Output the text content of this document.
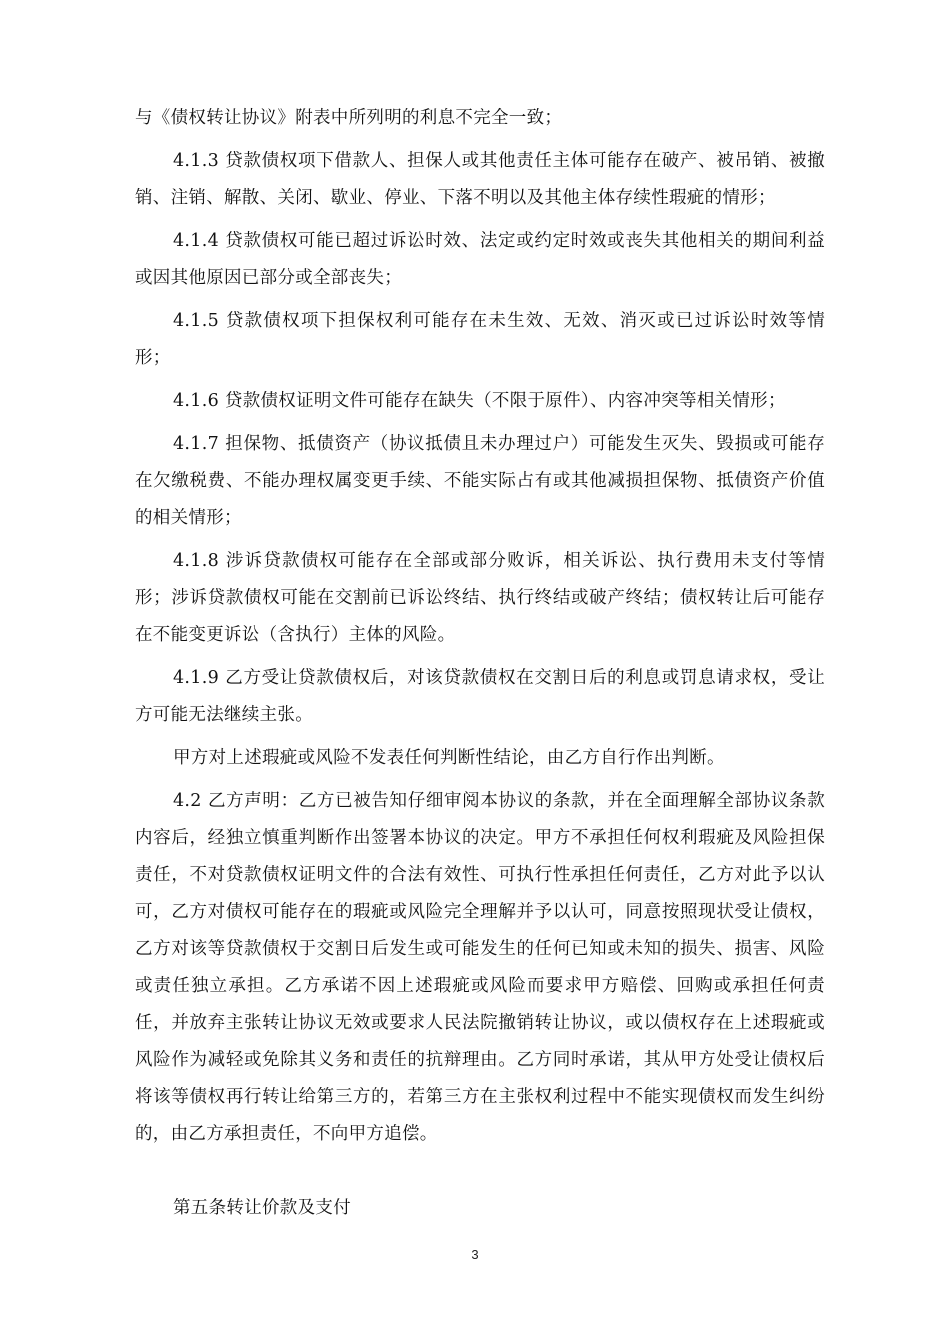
与《债权转让协议》附表中所列明的利息不完全一致；

4.1.3 贷款债权项下借款人、担保人或其他责任主体可能存在破产、被吊销、被撤销、注销、解散、关闭、歇业、停业、下落不明以及其他主体存续性瑕疵的情形；

4.1.4 贷款债权可能已超过诉讼时效、法定或约定时效或丧失其他相关的期间利益或因其他原因已部分或全部丧失；

4.1.5 贷款债权项下担保权利可能存在未生效、无效、消灭或已过诉讼时效等情形；

4.1.6 贷款债权证明文件可能存在缺失（不限于原件）、内容冲突等相关情形；

4.1.7 担保物、抵债资产（协议抵债且未办理过户）可能发生灭失、毁损或可能存在欠缴税费、不能办理权属变更手续、不能实际占有或其他减损担保物、抵债资产价值的相关情形；

4.1.8 涉诉贷款债权可能存在全部或部分败诉，相关诉讼、执行费用未支付等情形；涉诉贷款债权可能在交割前已诉讼终结、执行终结或破产终结；债权转让后可能存在不能变更诉讼（含执行）主体的风险。

4.1.9 乙方受让贷款债权后，对该贷款债权在交割日后的利息或罚息请求权，受让方可能无法继续主张。

甲方对上述瑕疵或风险不发表任何判断性结论，由乙方自行作出判断。

4.2 乙方声明：乙方已被告知仔细审阅本协议的条款，并在全面理解全部协议条款内容后，经独立慎重判断作出签署本协议的决定。甲方不承担任何权利瑕疵及风险担保责任，不对贷款债权证明文件的合法有效性、可执行性承担任何责任，乙方对此予以认可，乙方对债权可能存在的瑕疵或风险完全理解并予以认可，同意按照现状受让债权，乙方对该等贷款债权于交割日后发生或可能发生的任何已知或未知的损失、损害、风险或责任独立承担。乙方承诺不因上述瑕疵或风险而要求甲方赔偿、回购或承担任何责任，并放弃主张转让协议无效或要求人民法院撤销转让协议，或以债权存在上述瑕疵或风险作为减轻或免除其义务和责任的抗辩理由。乙方同时承诺，其从甲方处受让债权后将该等债权再行转让给第三方的，若第三方在主张权利过程中不能实现债权而发生纠纷的，由乙方承担责任，不向甲方追偿。

第五条转让价款及支付

3
